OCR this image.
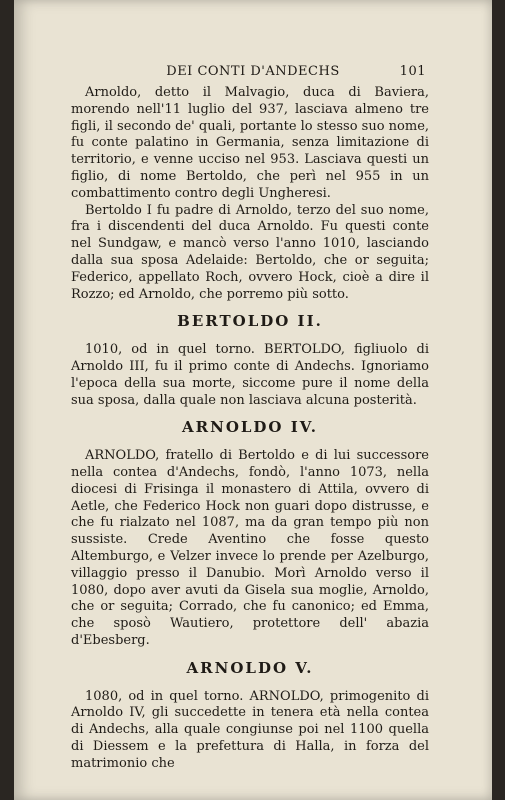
DEI CONTI D'ANDECHS	101

Arnoldo, detto il Malvagio, duca di Baviera, morendo nell'11 luglio del 937, lasciava almeno tre figli, il secondo de' quali, portante lo stesso suo nome, fu conte palatino in Germania, senza limitazione di territorio, e venne ucciso nel 953. Lasciava questi un figlio, di nome Bertoldo, che perì nel 955 in un combattimento contro degli Ungheresi.

Bertoldo I fu padre di Arnoldo, terzo del suo nome, fra i discendenti del duca Arnoldo. Fu questi conte nel Sundgaw, e mancò verso l'anno 1010, lasciando dalla sua sposa Adelaide: Bertoldo, che or seguita; Federico, appellato Roch, ovvero Hock, cioè a dire il Rozzo; ed Arnoldo, che porremo più sotto.

BERTOLDO II.

1010, od in quel torno. BERTOLDO, figliuolo di Arnoldo III, fu il primo conte di Andechs. Ignoriamo l'epoca della sua morte, siccome pure il nome della sua sposa, dalla quale non lasciava alcuna posterità.

ARNOLDO IV.

ARNOLDO, fratello di Bertoldo e di lui successore nella contea d'Andechs, fondò, l'anno 1073, nella diocesi di Frisinga il monastero di Attila, ovvero di Aetle, che Federico Hock non guari dopo distrusse, e che fu rialzato nel 1087, ma da gran tempo più non sussiste. Crede Aventino che fosse questo Altemburgo, e Velzer invece lo prende per Azelburgo, villaggio presso il Danubio. Morì Arnoldo verso il 1080, dopo aver avuti da Gisela sua moglie, Arnoldo, che or seguita; Corrado, che fu canonico; ed Emma, che sposò Wautiero, protettore dell' abazia d'Ebesberg.

ARNOLDO V.

1080, od in quel torno. ARNOLDO, primogenito di Arnoldo IV, gli succedette in tenera età nella contea di Andechs, alla quale congiunse poi nel 1100 quella di Diessem e la prefettura di Halla, in forza del matrimonio che
